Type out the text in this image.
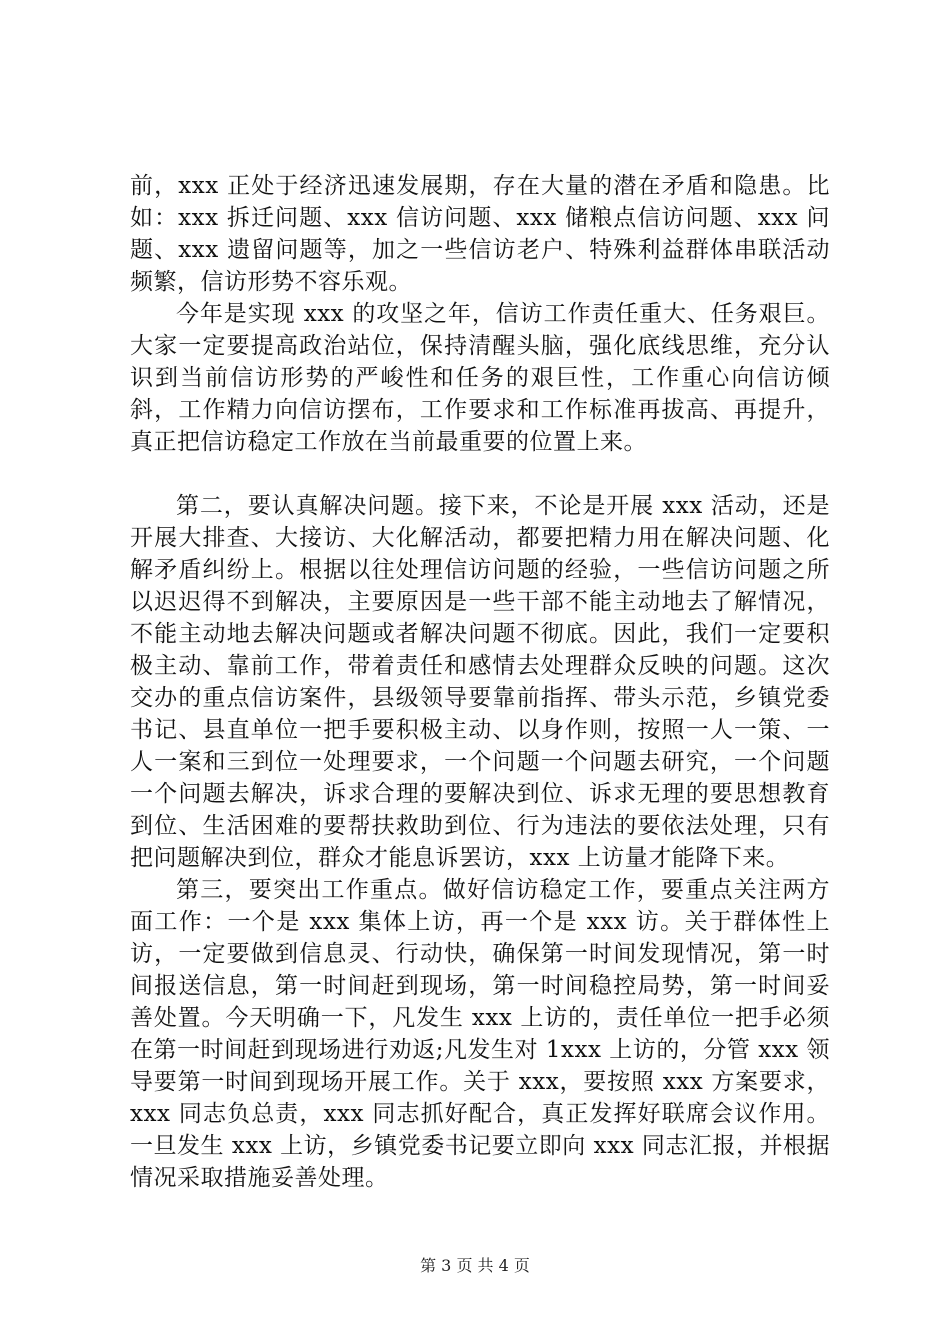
前，xxx 正处于经济迅速发展期，存在大量的潜在矛盾和隐患。比如：xxx 拆迁问题、xxx 信访问题、xxx 储粮点信访问题、xxx 问题、xxx 遗留问题等，加之一些信访老户、特殊利益群体串联活动频繁，信访形势不容乐观。

今年是实现 xxx 的攻坚之年，信访工作责任重大、任务艰巨。大家一定要提高政治站位，保持清醒头脑，强化底线思维，充分认识到当前信访形势的严峻性和任务的艰巨性，工作重心向信访倾斜，工作精力向信访摆布，工作要求和工作标准再拔高、再提升，真正把信访稳定工作放在当前最重要的位置上来。

第二，要认真解决问题。接下来，不论是开展 xxx 活动，还是开展大排查、大接访、大化解活动，都要把精力用在解决问题、化解矛盾纠纷上。根据以往处理信访问题的经验，一些信访问题之所以迟迟得不到解决，主要原因是一些干部不能主动地去了解情况，不能主动地去解决问题或者解决问题不彻底。因此，我们一定要积极主动、靠前工作，带着责任和感情去处理群众反映的问题。这次交办的重点信访案件，县级领导要靠前指挥、带头示范，乡镇党委书记、县直单位一把手要积极主动、以身作则，按照一人一策、一人一案和三到位一处理要求，一个问题一个问题去研究，一个问题一个问题去解决，诉求合理的要解决到位、诉求无理的要思想教育到位、生活困难的要帮扶救助到位、行为违法的要依法处理，只有把问题解决到位，群众才能息诉罢访，xxx 上访量才能降下来。

第三，要突出工作重点。做好信访稳定工作，要重点关注两方面工作：一个是 xxx 集体上访，再一个是 xxx 访。关于群体性上访，一定要做到信息灵、行动快，确保第一时间发现情况，第一时间报送信息，第一时间赶到现场，第一时间稳控局势，第一时间妥善处置。今天明确一下，凡发生 xxx 上访的，责任单位一把手必须在第一时间赶到现场进行劝返;凡发生对 1xxx 上访的，分管 xxx 领导要第一时间到现场开展工作。关于 xxx，要按照 xxx 方案要求，xxx 同志负总责，xxx 同志抓好配合，真正发挥好联席会议作用。一旦发生 xxx 上访，乡镇党委书记要立即向 xxx 同志汇报，并根据情况采取措施妥善处理。

第 3 页 共 4 页
